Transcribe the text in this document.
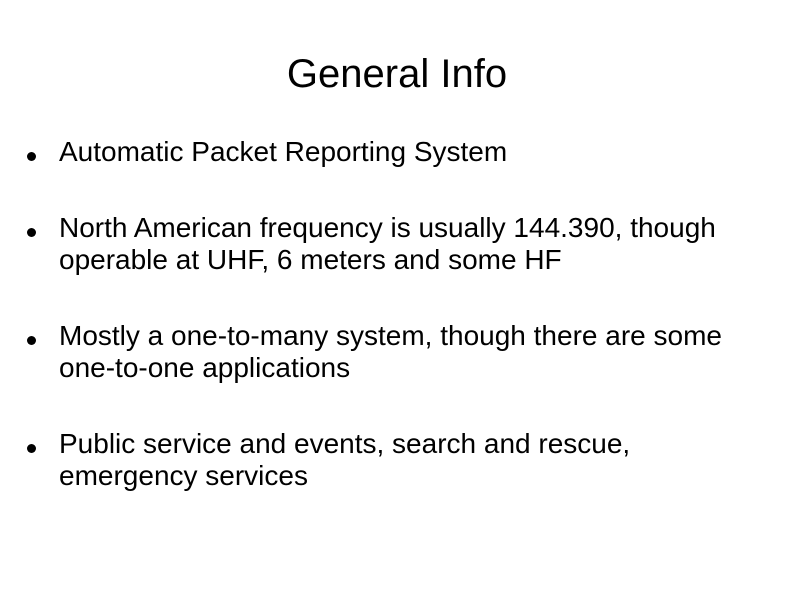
General Info
Automatic Packet Reporting System
North American frequency is usually 144.390, though operable at UHF, 6 meters and some HF
Mostly a one-to-many system, though there are some one-to-one applications
Public service and events, search and rescue, emergency services
